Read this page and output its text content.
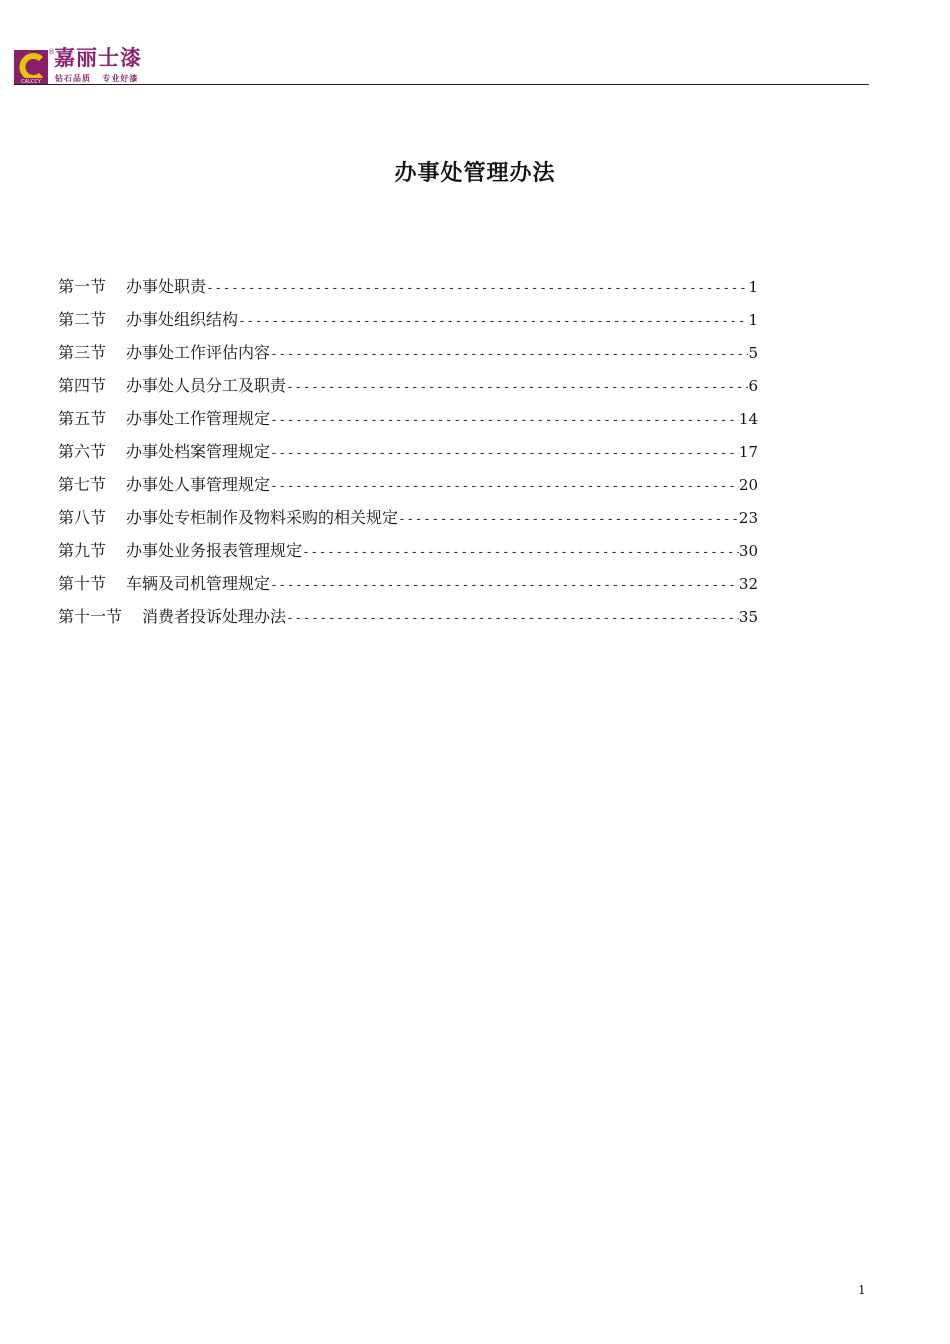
CALCCY
® 嘉丽士漆
钻石品质   专业好漆
办事处管理办法
第一节	办事处职责 -----	1
第二节	办事处组织结构 -----	1
第三节	办事处工作评估内容 -----	5
第四节	办事处人员分工及职责 -----	6
第五节	办事处工作管理规定 -----	14
第六节	办事处档案管理规定 -----	17
第七节	办事处人事管理规定 -----	20
第八节	办事处专柜制作及物料采购的相关规定 -----	23
第九节	办事处业务报表管理规定 -----	30
第十节	车辆及司机管理规定 -----	32
第十一节	消费者投诉处理办法 -----	35
1
